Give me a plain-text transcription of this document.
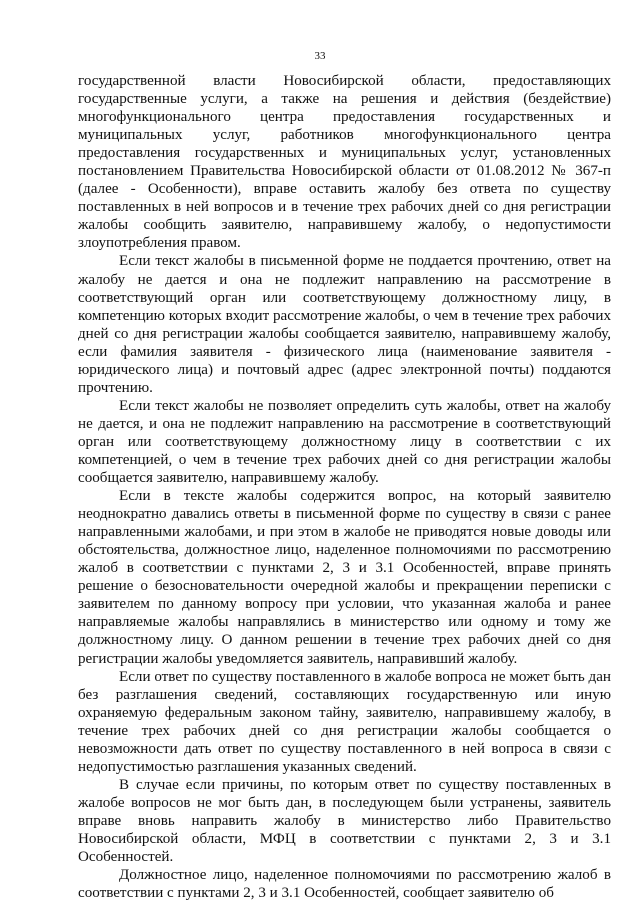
33

государственной власти Новосибирской области, предоставляющих государственные услуги, а также на решения и действия (бездействие) многофункционального центра предоставления государственных и муниципальных услуг, работников многофункционального центра предоставления государственных и муниципальных услуг, установленных постановлением Правительства Новосибирской области от 01.08.2012 № 367-п (далее - Особенности), вправе оставить жалобу без ответа по существу поставленных в ней вопросов и в течение трех рабочих дней со дня регистрации жалобы сообщить заявителю, направившему жалобу, о недопустимости злоупотребления правом.

Если текст жалобы в письменной форме не поддается прочтению, ответ на жалобу не дается и она не подлежит направлению на рассмотрение в соответствующий орган или соответствующему должностному лицу, в компетенцию которых входит рассмотрение жалобы, о чем в течение трех рабочих дней со дня регистрации жалобы сообщается заявителю, направившему жалобу, если фамилия заявителя - физического лица (наименование заявителя - юридического лица) и почтовый адрес (адрес электронной почты) поддаются прочтению.

Если текст жалобы не позволяет определить суть жалобы, ответ на жалобу не дается, и она не подлежит направлению на рассмотрение в соответствующий орган или соответствующему должностному лицу в соответствии с их компетенцией, о чем в течение трех рабочих дней со дня регистрации жалобы сообщается заявителю, направившему жалобу.

Если в тексте жалобы содержится вопрос, на который заявителю неоднократно давались ответы в письменной форме по существу в связи с ранее направленными жалобами, и при этом в жалобе не приводятся новые доводы или обстоятельства, должностное лицо, наделенное полномочиями по рассмотрению жалоб в соответствии с пунктами 2, 3 и 3.1 Особенностей, вправе принять решение о безосновательности очередной жалобы и прекращении переписки с заявителем по данному вопросу при условии, что указанная жалоба и ранее направляемые жалобы направлялись в министерство или одному и тому же должностному лицу. О данном решении в течение трех рабочих дней со дня регистрации жалобы уведомляется заявитель, направивший жалобу.

Если ответ по существу поставленного в жалобе вопроса не может быть дан без разглашения сведений, составляющих государственную или иную охраняемую федеральным законом тайну, заявителю, направившему жалобу, в течение трех рабочих дней со дня регистрации жалобы сообщается о невозможности дать ответ по существу поставленного в ней вопроса в связи с недопустимостью разглашения указанных сведений.

В случае если причины, по которым ответ по существу поставленных в жалобе вопросов не мог быть дан, в последующем были устранены, заявитель вправе вновь направить жалобу в министерство либо Правительство Новосибирской области, МФЦ в соответствии с пунктами 2, 3 и 3.1 Особенностей.

Должностное лицо, наделенное полномочиями по рассмотрению жалоб в соответствии с пунктами 2, 3 и 3.1 Особенностей, сообщает заявителю об
